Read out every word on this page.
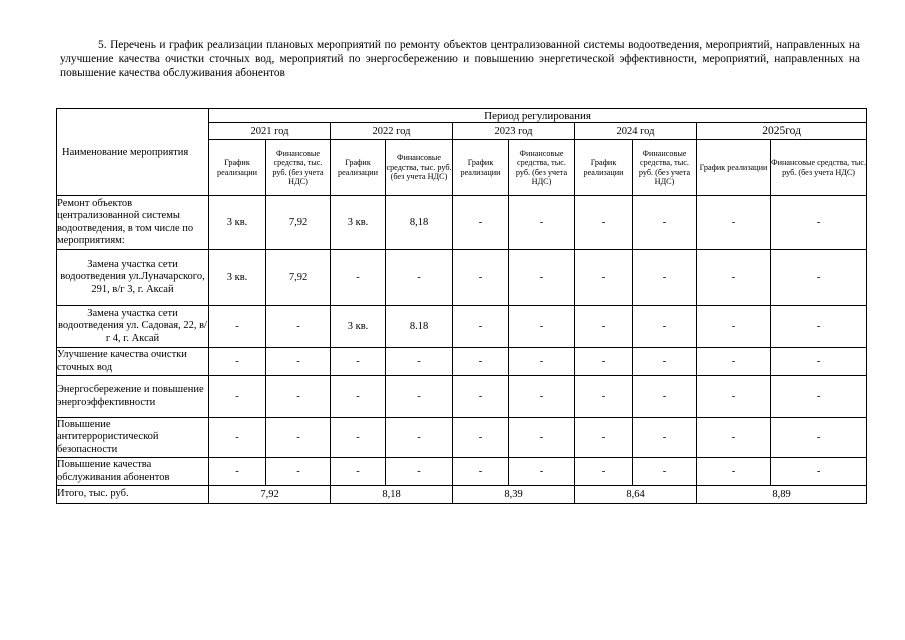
5. Перечень и график реализации плановых мероприятий по ремонту объектов централизованной системы водоотведения, мероприятий, направленных на улучшение качества очистки сточных вод, мероприятий по энергосбережению и повышению энергетической эффективности, мероприятий, направленных на повышение качества обслуживания абонентов

Наименование мероприятия	Период регулирования									
	2021 год		2022 год		2023 год		2024 год		2025год	
	График реализации	Финансовые средства, тыс. руб. (без учета НДС)	График реализации	Финансовые средства, тыс. руб. (без учета НДС)	График реализации	Финансовые средства, тыс. руб. (без учета НДС)	График реализации	Финансовые средства, тыс. руб. (без учета НДС)	График реализации	Финансовые средства, тыс. руб. (без учета НДС)
Ремонт объектов централизованной системы водоотведения, в том числе по мероприятиям:	3 кв.	7,92	3 кв.	8,18	-	-	-	-	-	-
Замена участка сети водоотведения ул.Луначарского, 291, в/г 3, г. Аксай	3 кв.	7,92	-	-	-	-	-	-	-	-
Замена участка сети водоотведения ул. Садовая, 22, в/г 4, г. Аксай	-	-	3 кв.	8.18	-	-	-	-	-	-
Улучшение качества очистки сточных вод	-	-	-	-	-	-	-	-	-	-
Энергосбережение и повышение энергоэффективности	-	-	-	-	-	-	-	-	-	-
Повышение антитеррористической безопасности	-	-	-	-	-	-	-	-	-	-
Повышение качества обслуживания абонентов	-	-	-	-	-	-	-	-	-	-
Итого, тыс. руб.	7,92		8,18		8,39		8,64		8,89	
